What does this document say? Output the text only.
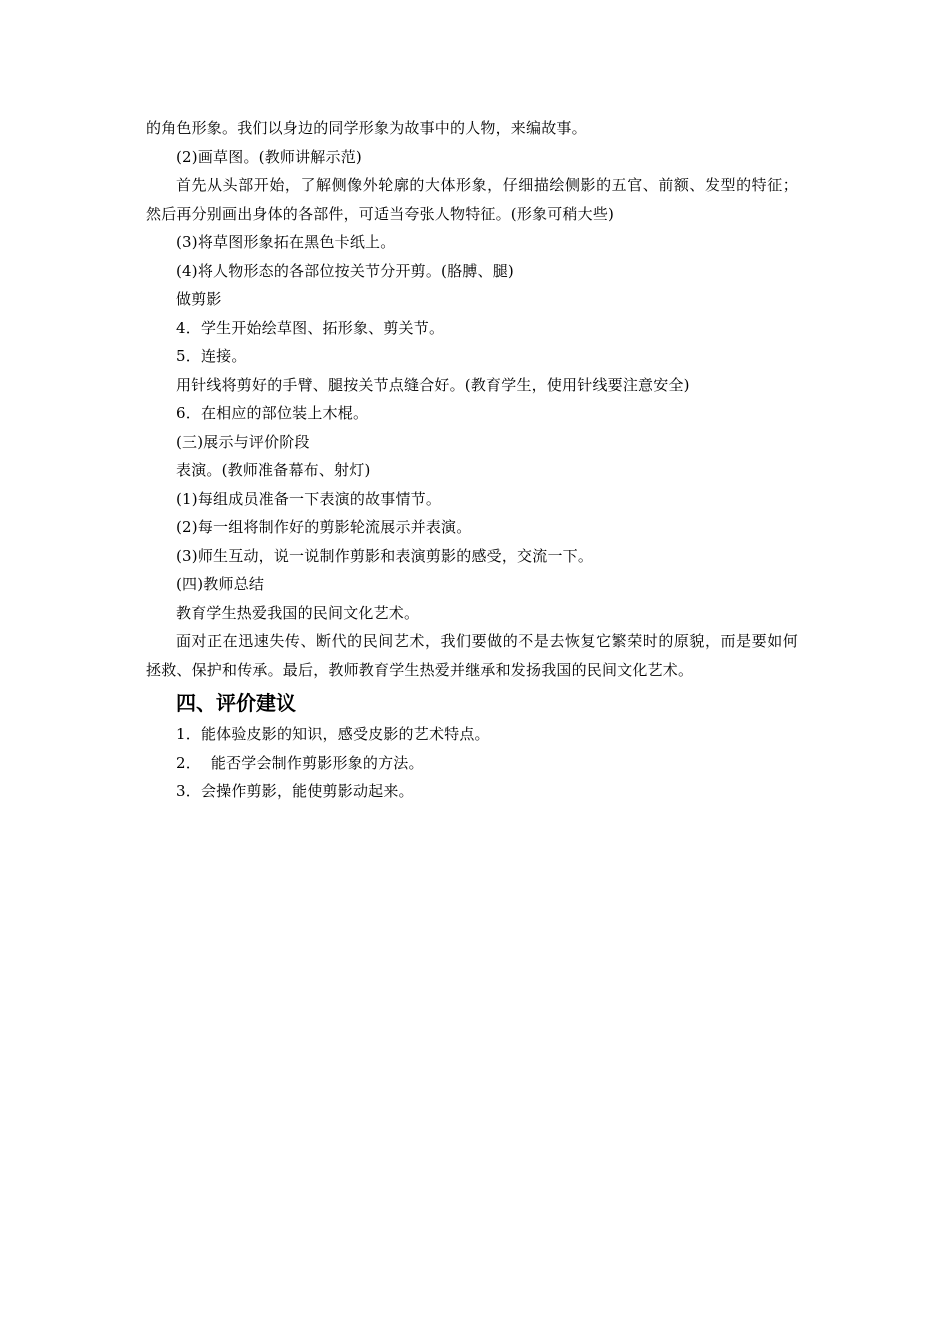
的角色形象。我们以身边的同学形象为故事中的人物，来编故事。
(2)画草图。(教师讲解示范)
首先从头部开始，了解侧像外轮廓的大体形象，仔细描绘侧影的五官、前额、发型的特征；然后再分别画出身体的各部件，可适当夸张人物特征。(形象可稍大些)
(3)将草图形象拓在黑色卡纸上。
(4)将人物形态的各部位按关节分开剪。(胳膊、腿)
做剪影
4．学生开始绘草图、拓形象、剪关节。
5．连接。
用针线将剪好的手臂、腿按关节点缝合好。(教育学生，使用针线要注意安全)
6．在相应的部位装上木棍。
(三)展示与评价阶段
表演。(教师准备幕布、射灯)
(1)每组成员准备一下表演的故事情节。
(2)每一组将制作好的剪影轮流展示并表演。
(3)师生互动，说一说制作剪影和表演剪影的感受，交流一下。
(四)教师总结
教育学生热爱我国的民间文化艺术。
面对正在迅速失传、断代的民间艺术，我们要做的不是去恢复它繁荣时的原貌，而是要如何拯救、保护和传承。最后，教师教育学生热爱并继承和发扬我国的民间文化艺术。
四、评价建议
1．能体验皮影的知识，感受皮影的艺术特点。
2．  能否学会制作剪影形象的方法。
3．会操作剪影，能使剪影动起来。
